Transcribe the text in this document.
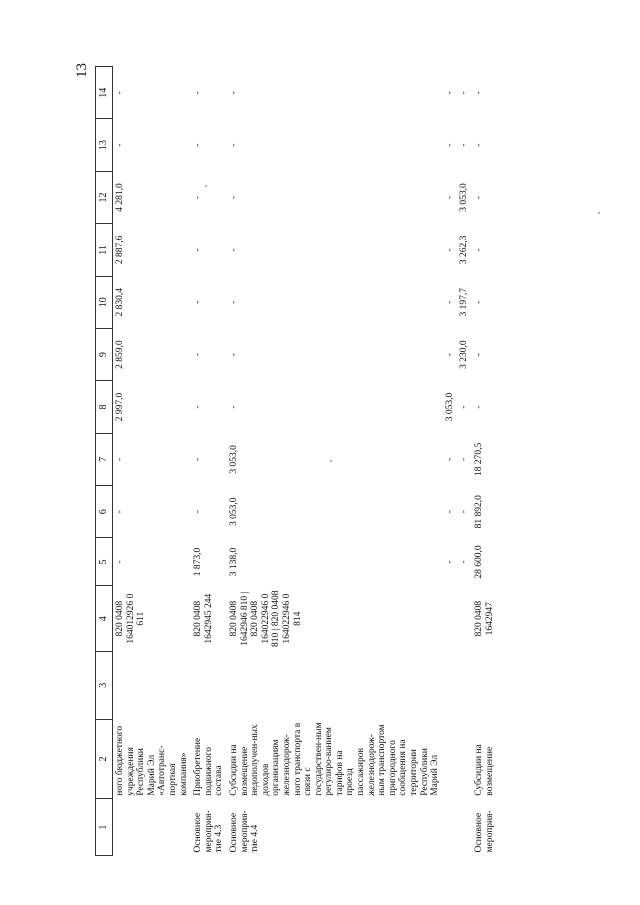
13
1	2	3	4	5	6	7	8	9	10	11	12	13	14
	ного бюджетного учреждения Республики Марий Эл «Автотранс-портная компания»		820 0408 164012926 0 611	-	-	-	2 997,0	2 859,0	2 830,4	2 887,6	4 281,0	-	-
Основное мероприя-тие 4.3	Приобретение подвижного состава		820 0408 1642945 244	1 873,0	-	-	-	-	-	-	-	-	-
Основное мероприя-тие 4.4	Субсидии на возмещение недополучен-ных доходов организациям железнодорож-ного транспорта в связи с государствен-ным регулиро-ванием тарифов на проезд пассажиров железнодорож-ным транспортом пригородного сообщения на территории Республики Марий Эл		820 0408 1642946 810 | 820 0408 164022946 0 810 | 820 0408 164022946 0 814	3 138,0	3 053,0	3 053,0	-	-	-	-	-	-	-
				-	-	-	3 053,0	-	-	-	-	-	-
				-	-	-	-	3 230,0	3 197,7	3 262,3	3 053,0	-	-
Основное мероприя-	Субсидии на возмещение		820 0408 1642947	28 600,0	81 892,0	18 270,5	-	-	-	-	-	-	-
